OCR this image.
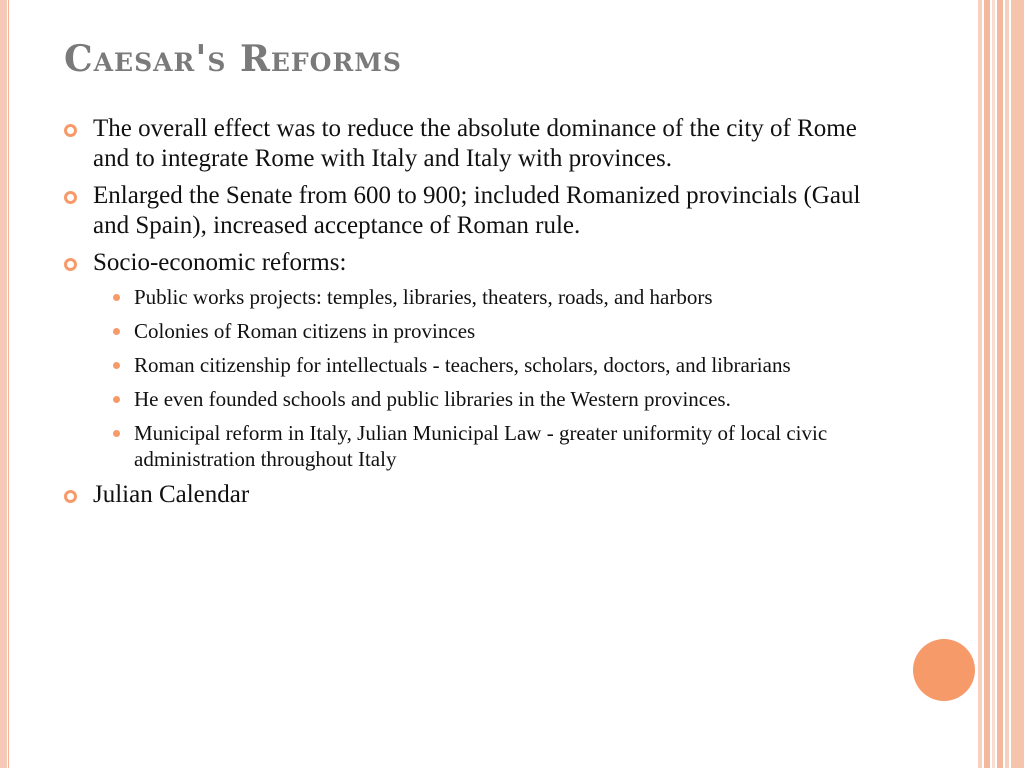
Caesar's Reforms
The overall effect was to reduce the absolute dominance of the city of Rome and to integrate Rome with Italy and Italy with provinces.
Enlarged the Senate from 600 to 900; included Romanized provincials (Gaul and Spain), increased acceptance of Roman rule.
Socio-economic reforms:
Public works projects: temples, libraries, theaters, roads, and harbors
Colonies of Roman citizens in provinces
Roman citizenship for intellectuals - teachers, scholars, doctors, and librarians
He even founded schools and public libraries in the Western provinces.
Municipal reform in Italy, Julian Municipal Law - greater uniformity of local civic administration throughout Italy
Julian Calendar
